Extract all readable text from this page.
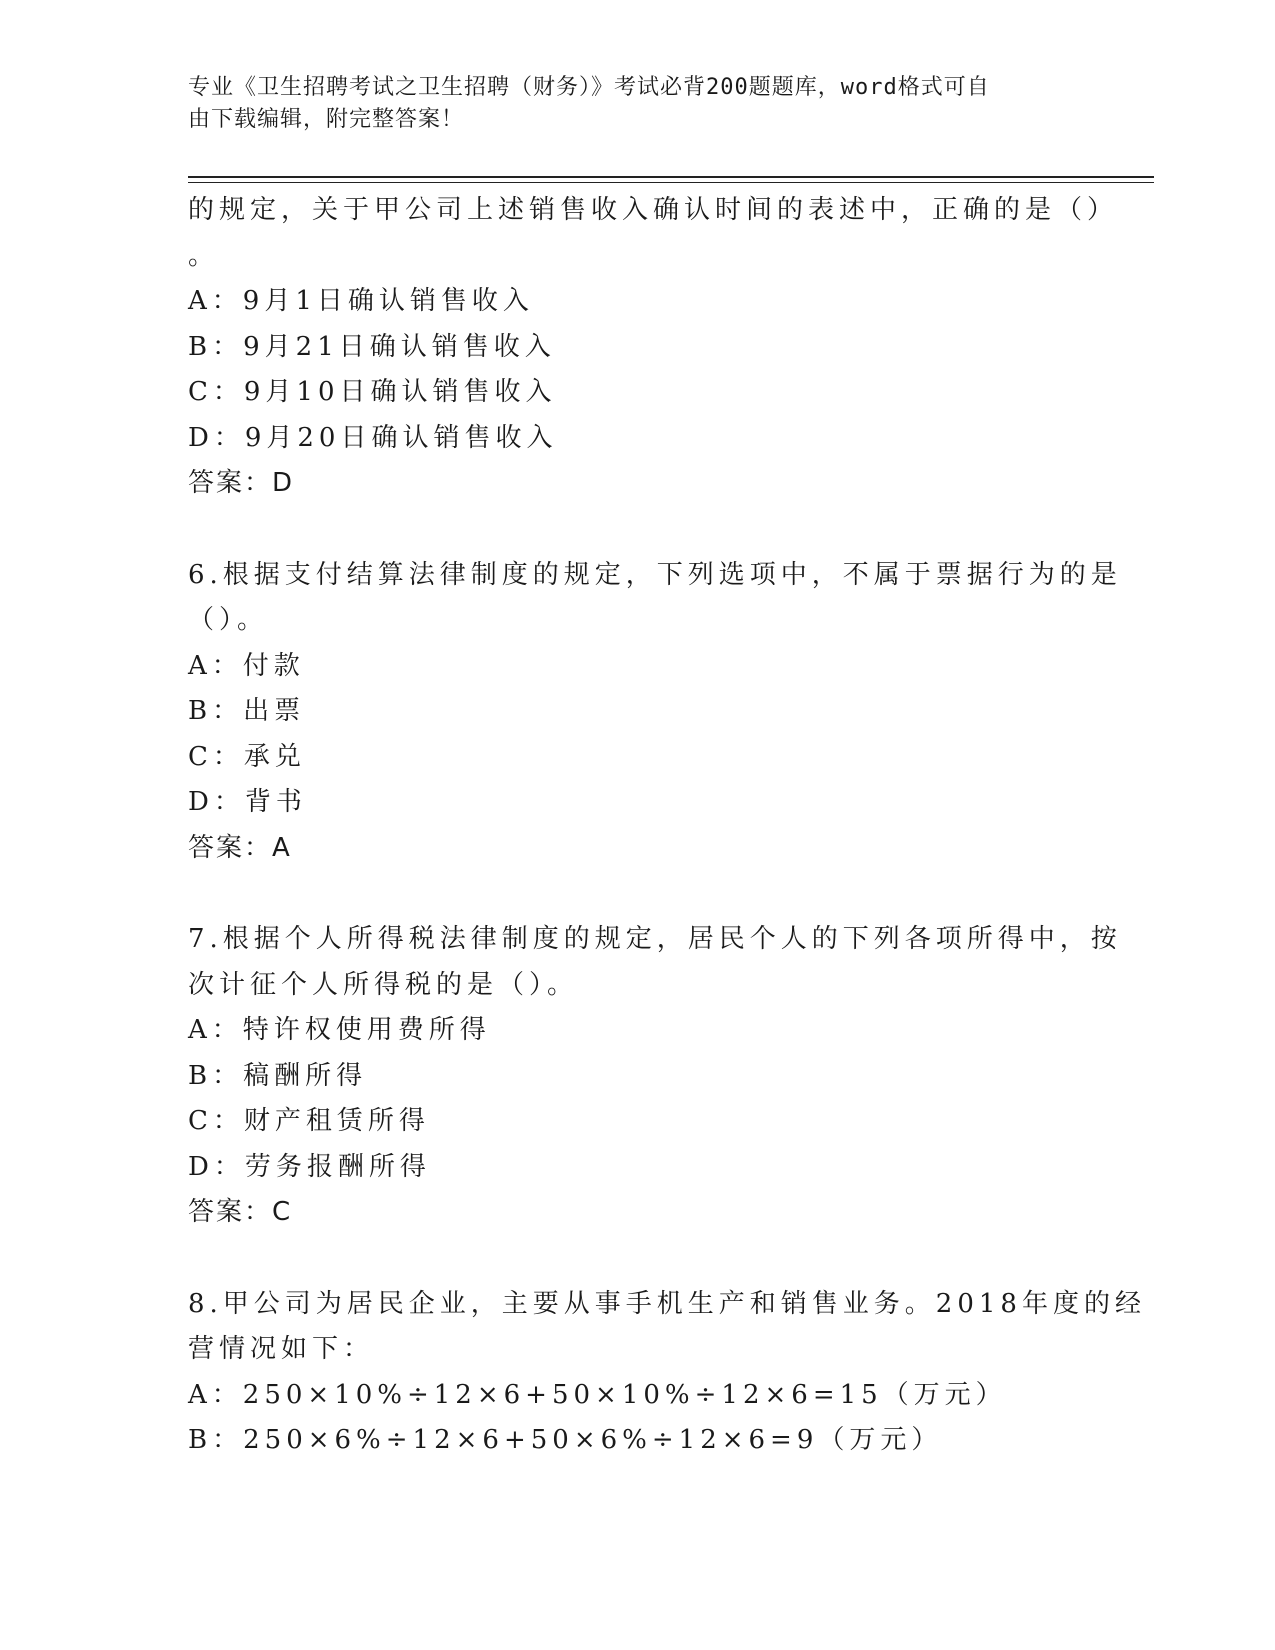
专业《卫生招聘考试之卫生招聘（财务）》考试必背200题题库，word格式可自
由下载编辑，附完整答案！
的规定，关于甲公司上述销售收入确认时间的表述中，正确的是（）
。
A：9月1日确认销售收入
B：9月21日确认销售收入
C：9月10日确认销售收入
D：9月20日确认销售收入
答案：D
6.根据支付结算法律制度的规定，下列选项中，不属于票据行为的是
（）。
A：付款
B：出票
C：承兑
D：背书
答案：A
7.根据个人所得税法律制度的规定，居民个人的下列各项所得中，按
次计征个人所得税的是（）。
A：特许权使用费所得
B：稿酬所得
C：财产租赁所得
D：劳务报酬所得
答案：C
8.甲公司为居民企业，主要从事手机生产和销售业务。2018年度的经
营情况如下：
A：250×10%÷12×6+50×10%÷12×6=15（万元）
B：250×6%÷12×6+50×6%÷12×6=9（万元）
